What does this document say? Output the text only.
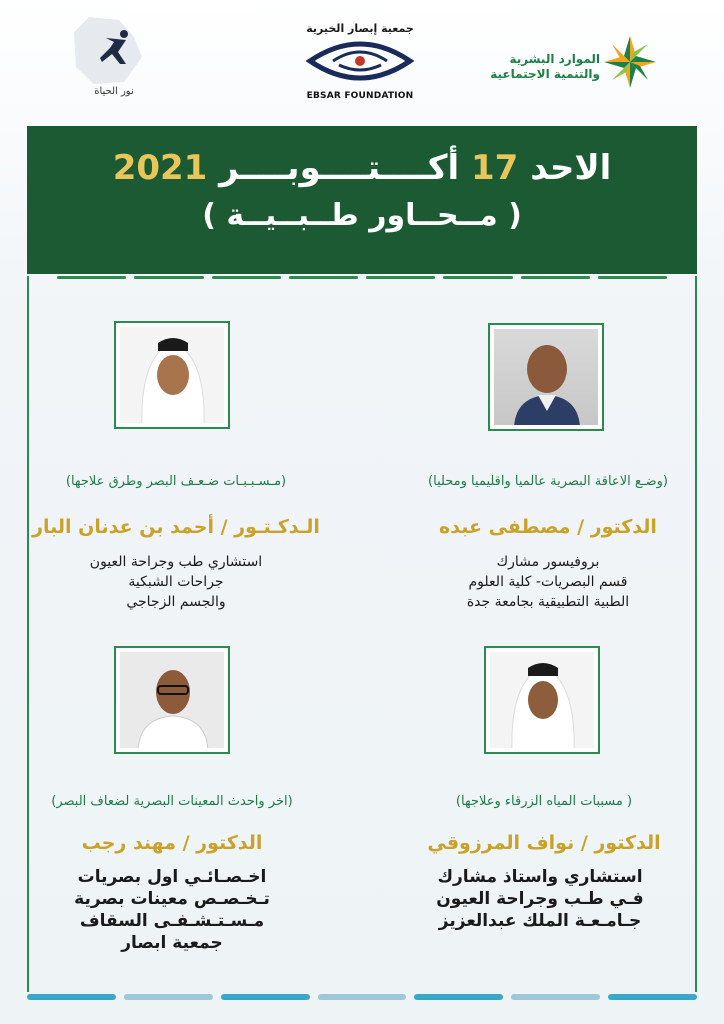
الموارد البشرية
والتنمية الاجتماعية
جمعية إبصار الخيرية
EBSAR FOUNDATION
نور الحياة
الاحد 17 أكــــتــــوبــــر 2021
( مــحــاور طــبــيــة )
(وضـع الاعاقة البصرية عالميا واقليميا ومحليا)
الدكتور / مصطفى عبده
بروفيسور مشارك
قسم البصريات- كلية العلوم
الطبية التطبيقية بجامعة جدة
(مـسـبـبـات ضـعـف البصر وطرق علاجها)
الـدكـتـور / أحمد بن عدنان البار
استشاري طب وجراحة العيون
جراحات الشبكية
والجسم الزجاجي
( مسببات المياه الزرقاء وعلاجها)
الدكتور / نواف المرزوقي
استشاري واستاذ مشارك
فـي طـب وجراحة العيون
جـامـعـة الملك عبدالعزيز
(اخر واحدث المعينات البصرية لضعاف البصر)
الدكتور / مهند رجب
اخـصـائـي اول بصريات
تـخـصـص معينات بصرية
مـسـتـشـفـى السقاف
جمعية ابصار
